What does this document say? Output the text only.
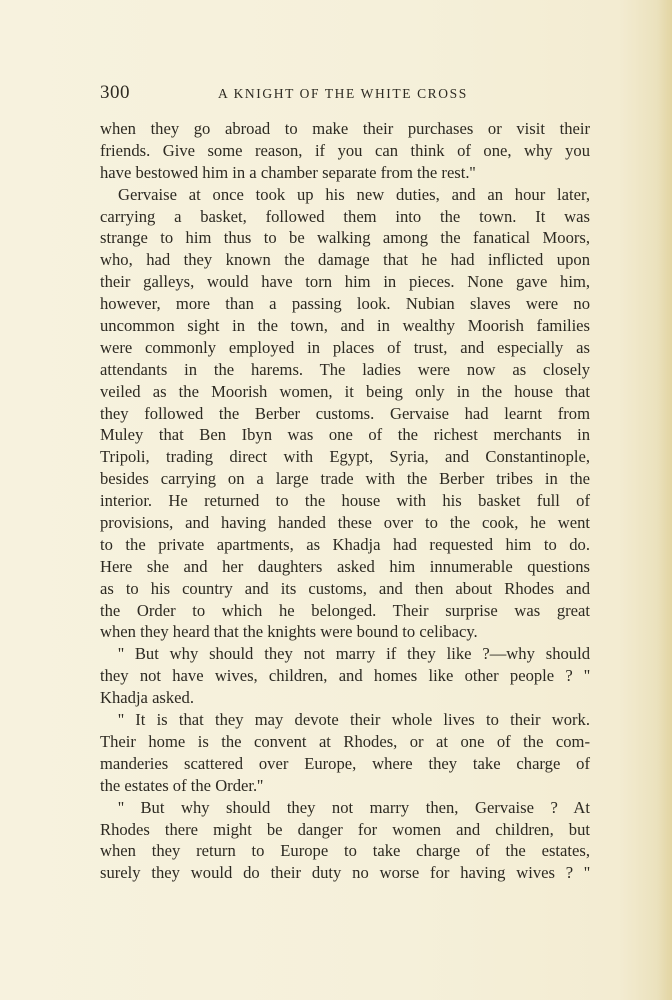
300	A KNIGHT OF THE WHITE CROSS
when they go abroad to make their purchases or visit their
friends. Give some reason, if you can think of one, why you
have bestowed him in a chamber separate from the rest.''
Gervaise at once took up his new duties, and an hour later,
carrying a basket, followed them into the town. It was
strange to him thus to be walking among the fanatical Moors,
who, had they known the damage that he had inflicted upon
their galleys, would have torn him in pieces. None gave him,
however, more than a passing look. Nubian slaves were no
uncommon sight in the town, and in wealthy Moorish families
were commonly employed in places of trust, and especially as
attendants in the harems. The ladies were now as closely
veiled as the Moorish women, it being only in the house that
they followed the Berber customs. Gervaise had learnt from
Muley that Ben Ibyn was one of the richest merchants in
Tripoli, trading direct with Egypt, Syria, and Constantinople,
besides carrying on a large trade with the Berber tribes in the
interior. He returned to the house with his basket full of
provisions, and having handed these over to the cook, he went
to the private apartments, as Khadja had requested him to do.
Here she and her daughters asked him innumerable questions
as to his country and its customs, and then about Rhodes and
the Order to which he belonged. Their surprise was great
when they heard that the knights were bound to celibacy.
'' But why should they not marry if they like ?—why should
they not have wives, children, and homes like other people ? ''
Khadja asked.
'' It is that they may devote their whole lives to their work.
Their home is the convent at Rhodes, or at one of the com-
manderies scattered over Europe, where they take charge of
the estates of the Order.''
'' But why should they not marry then, Gervaise ? At
Rhodes there might be danger for women and children, but
when they return to Europe to take charge of the estates,
surely they would do their duty no worse for having wives ? ''
